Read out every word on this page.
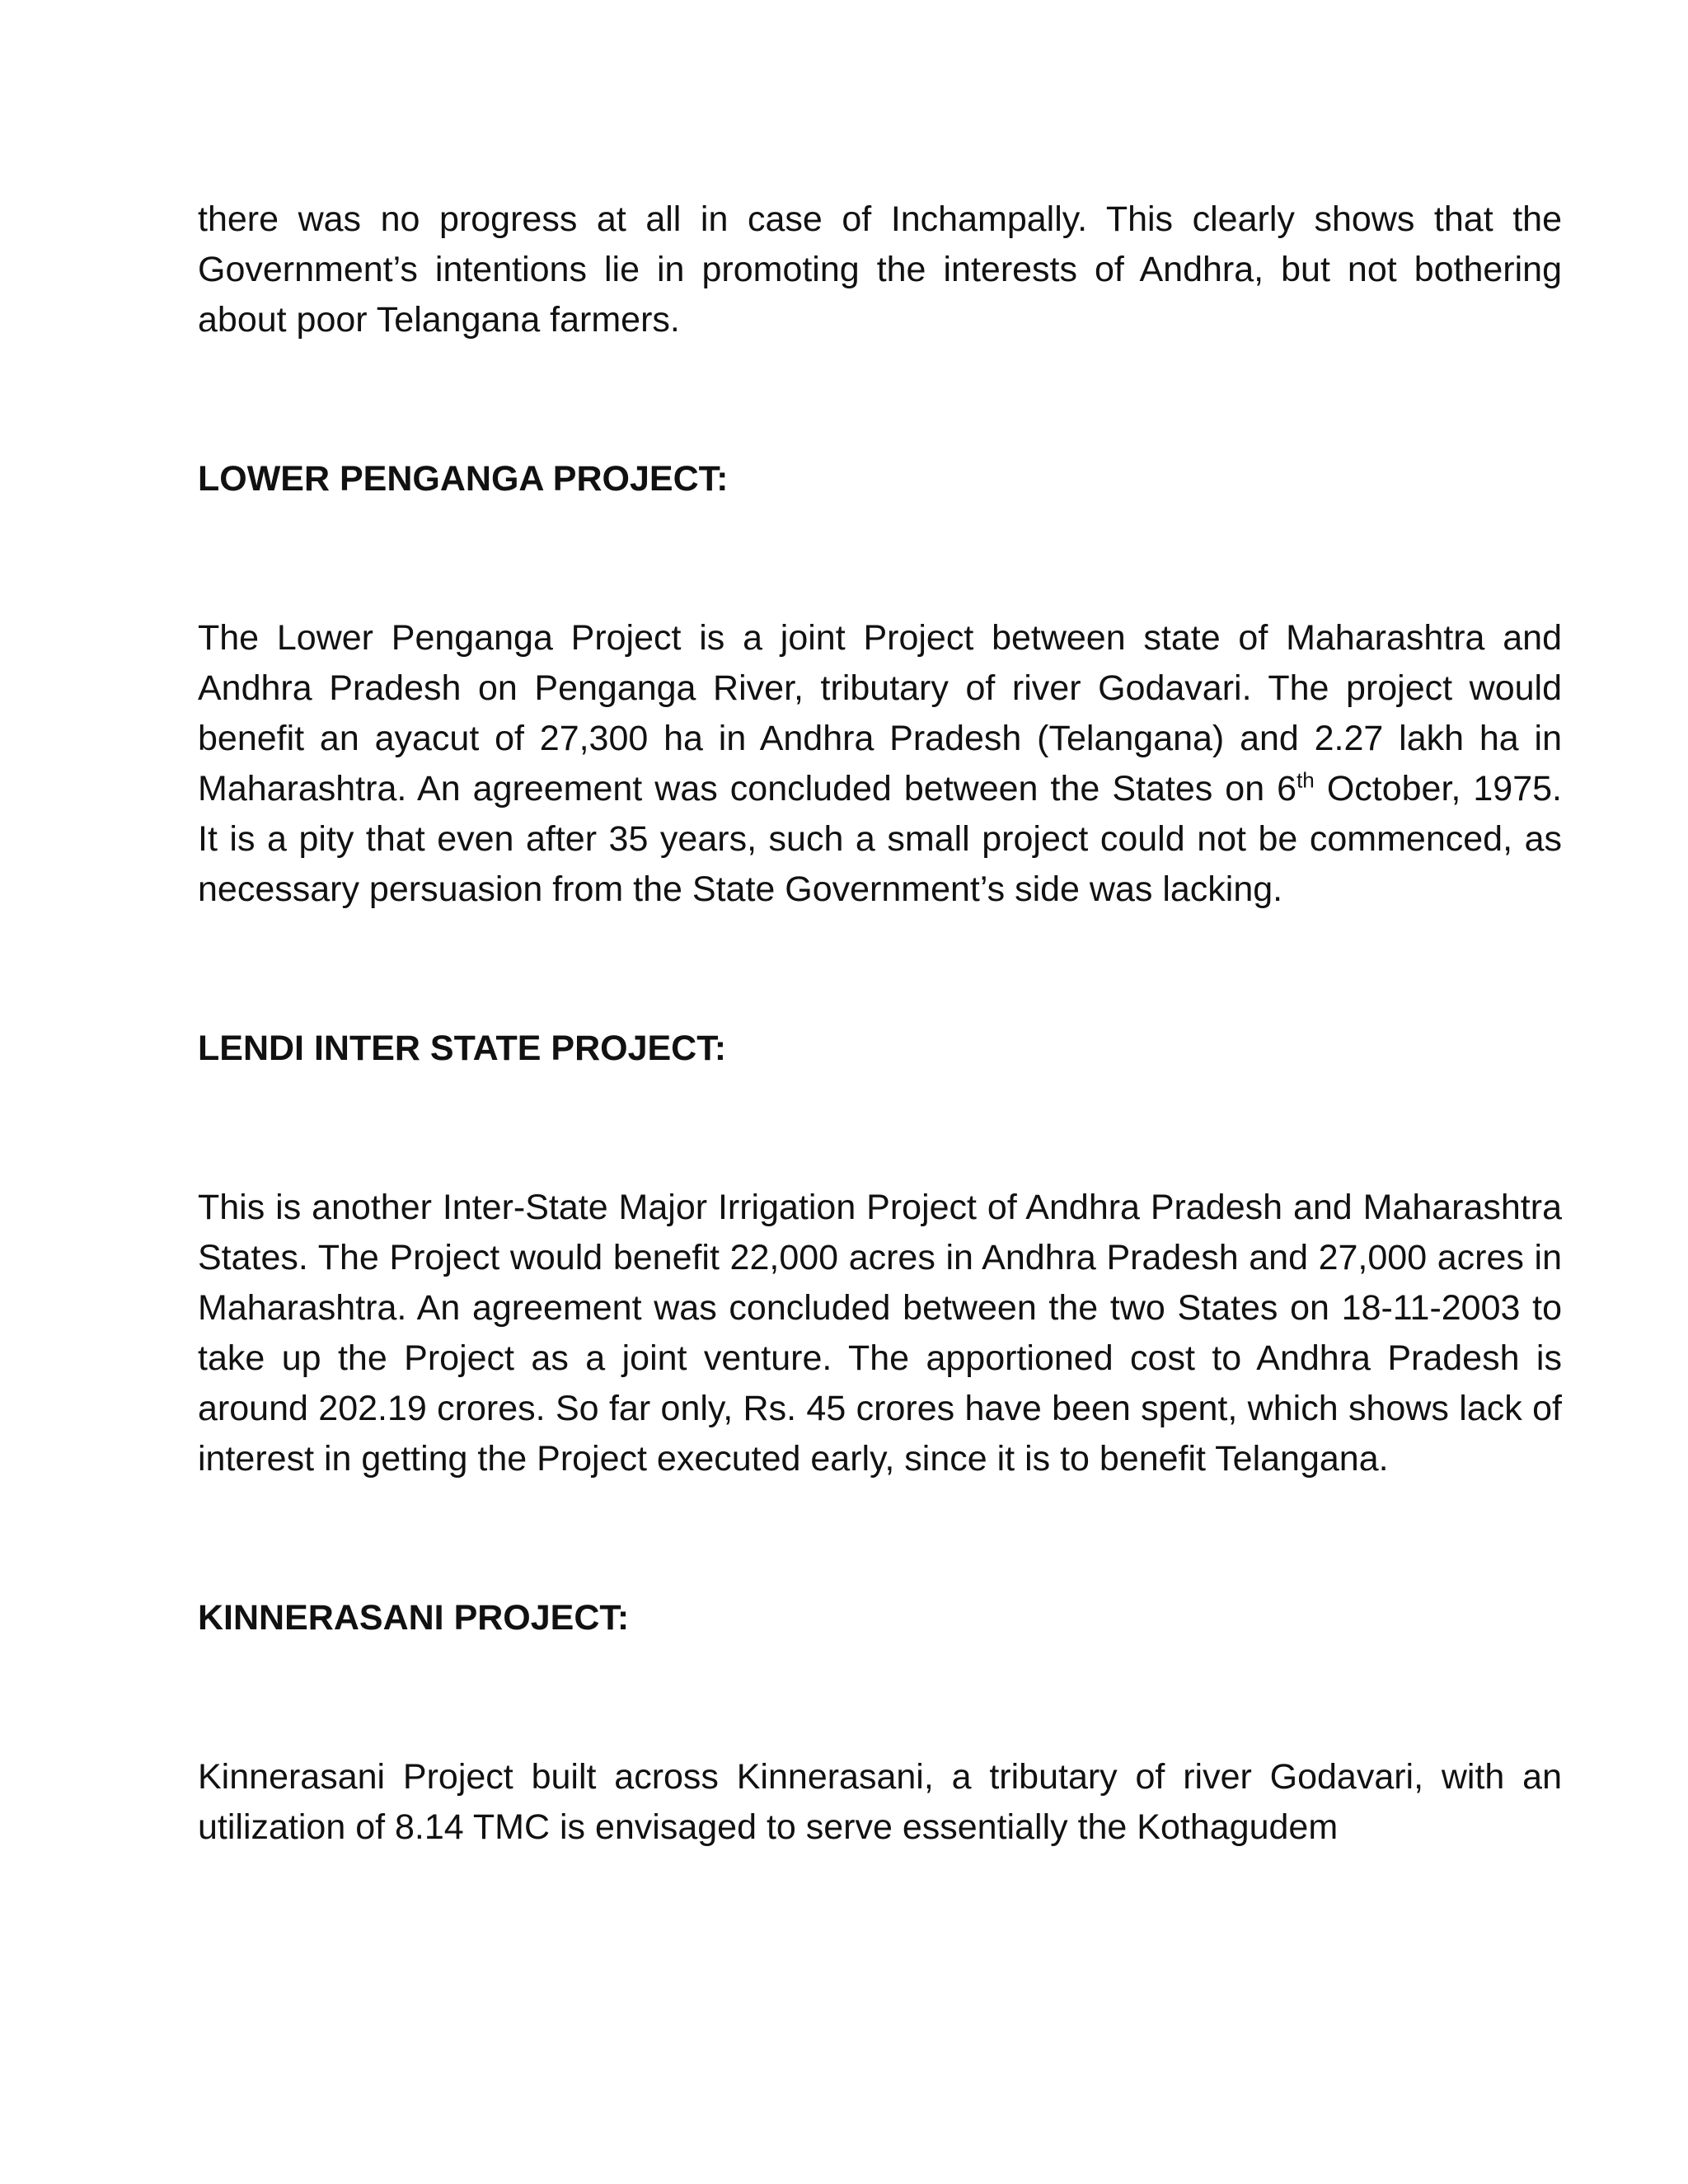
there was no progress at all in case of Inchampally. This clearly shows that the Government’s intentions lie in promoting the interests of Andhra, but not bothering about poor Telangana farmers.

LOWER PENGANGA PROJECT:

The Lower Penganga Project is a joint Project between state of Maharashtra and Andhra Pradesh on Penganga River, tributary of river Godavari. The project would benefit an ayacut of 27,300 ha in Andhra Pradesh (Telangana) and 2.27 lakh ha in Maharashtra. An agreement was concluded between the States on 6th October, 1975. It is a pity that even after 35 years, such a small project could not be commenced, as necessary persuasion from the State Government’s side was lacking.

LENDI INTER STATE PROJECT:

This is another Inter-State Major Irrigation Project of Andhra Pradesh and Maharashtra States. The Project would benefit 22,000 acres in Andhra Pradesh and 27,000 acres in Maharashtra. An agreement was concluded between the two States on 18-11-2003 to take up the Project as a joint venture. The apportioned cost to Andhra Pradesh is around 202.19 crores. So far only, Rs. 45 crores have been spent, which shows lack of interest in getting the Project executed early, since it is to benefit Telangana.

KINNERASANI PROJECT:

Kinnerasani Project built across Kinnerasani, a tributary of river Godavari, with an utilization of 8.14 TMC is envisaged to serve essentially the Kothagudem
